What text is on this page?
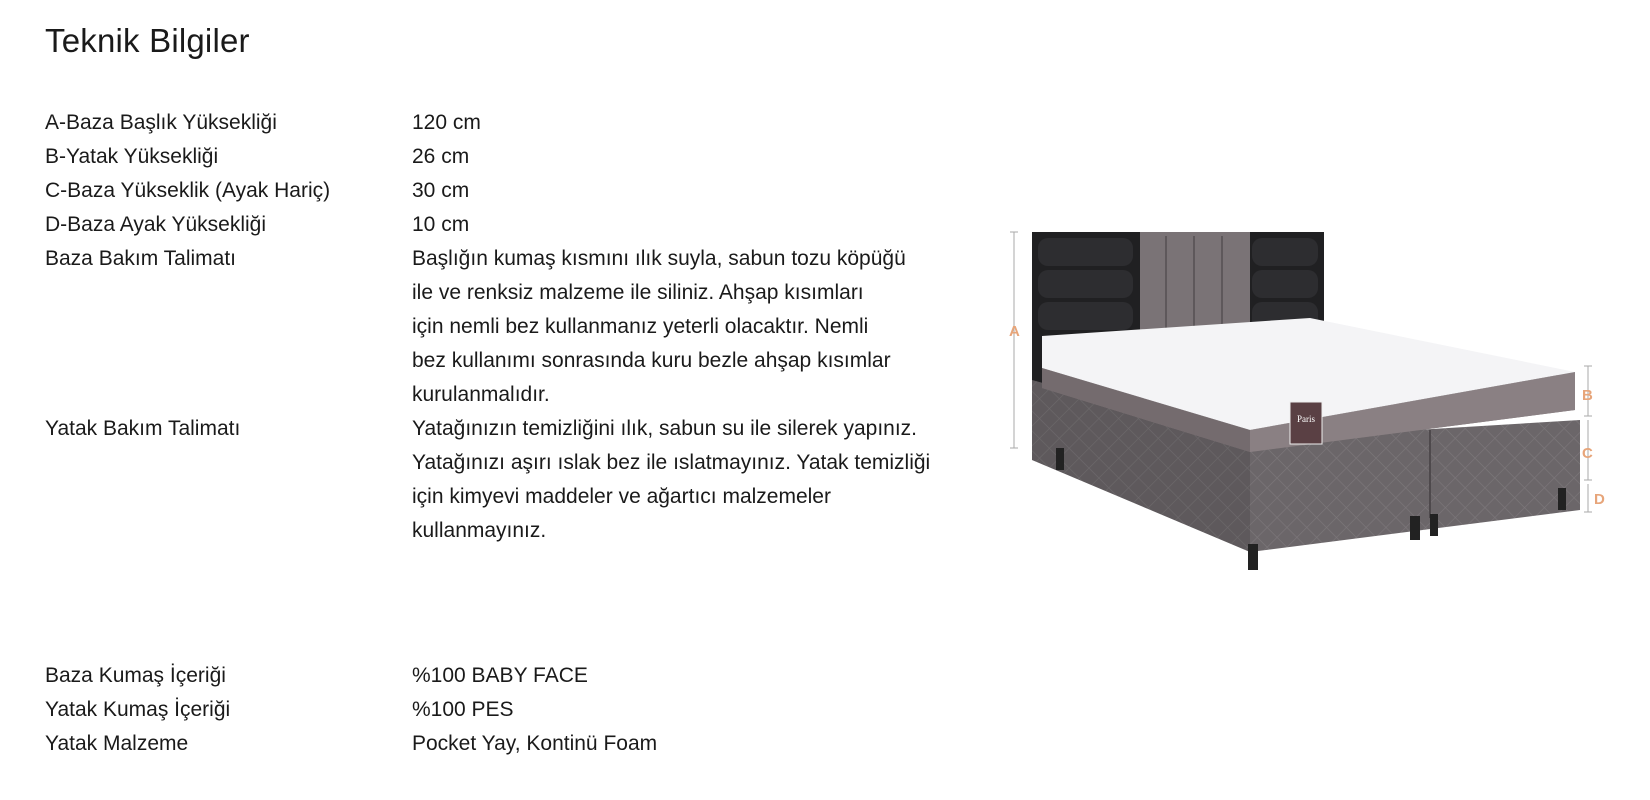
Teknik Bilgiler
A-Baza Başlık Yüksekliği	120 cm
B-Yatak Yüksekliği	26 cm
C-Baza Yükseklik (Ayak Hariç)	30 cm
D-Baza Ayak Yüksekliği	10 cm
Baza Bakım Talimatı	Başlığın kumaş kısmını ılık suyla, sabun tozu köpüğü
ile ve renksiz malzeme ile siliniz. Ahşap kısımları
için nemli bez kullanmanız yeterli olacaktır. Nemli
bez kullanımı sonrasında kuru bezle ahşap kısımlar
kurulanmalıdır.
Yatak Bakım Talimatı	Yatağınızın temizliğini ılık, sabun su ile silerek yapınız.
Yatağınızı aşırı ıslak bez ile ıslatmayınız. Yatak temizliği
için kimyevi maddeler ve ağartıcı malzemeler
kullanmayınız.
Baza Kumaş İçeriği	%100 BABY FACE
Yatak Kumaş İçeriği	%100 PES
Yatak Malzeme	Pocket Yay, Kontinü Foam
Paris
A
B
C
D
